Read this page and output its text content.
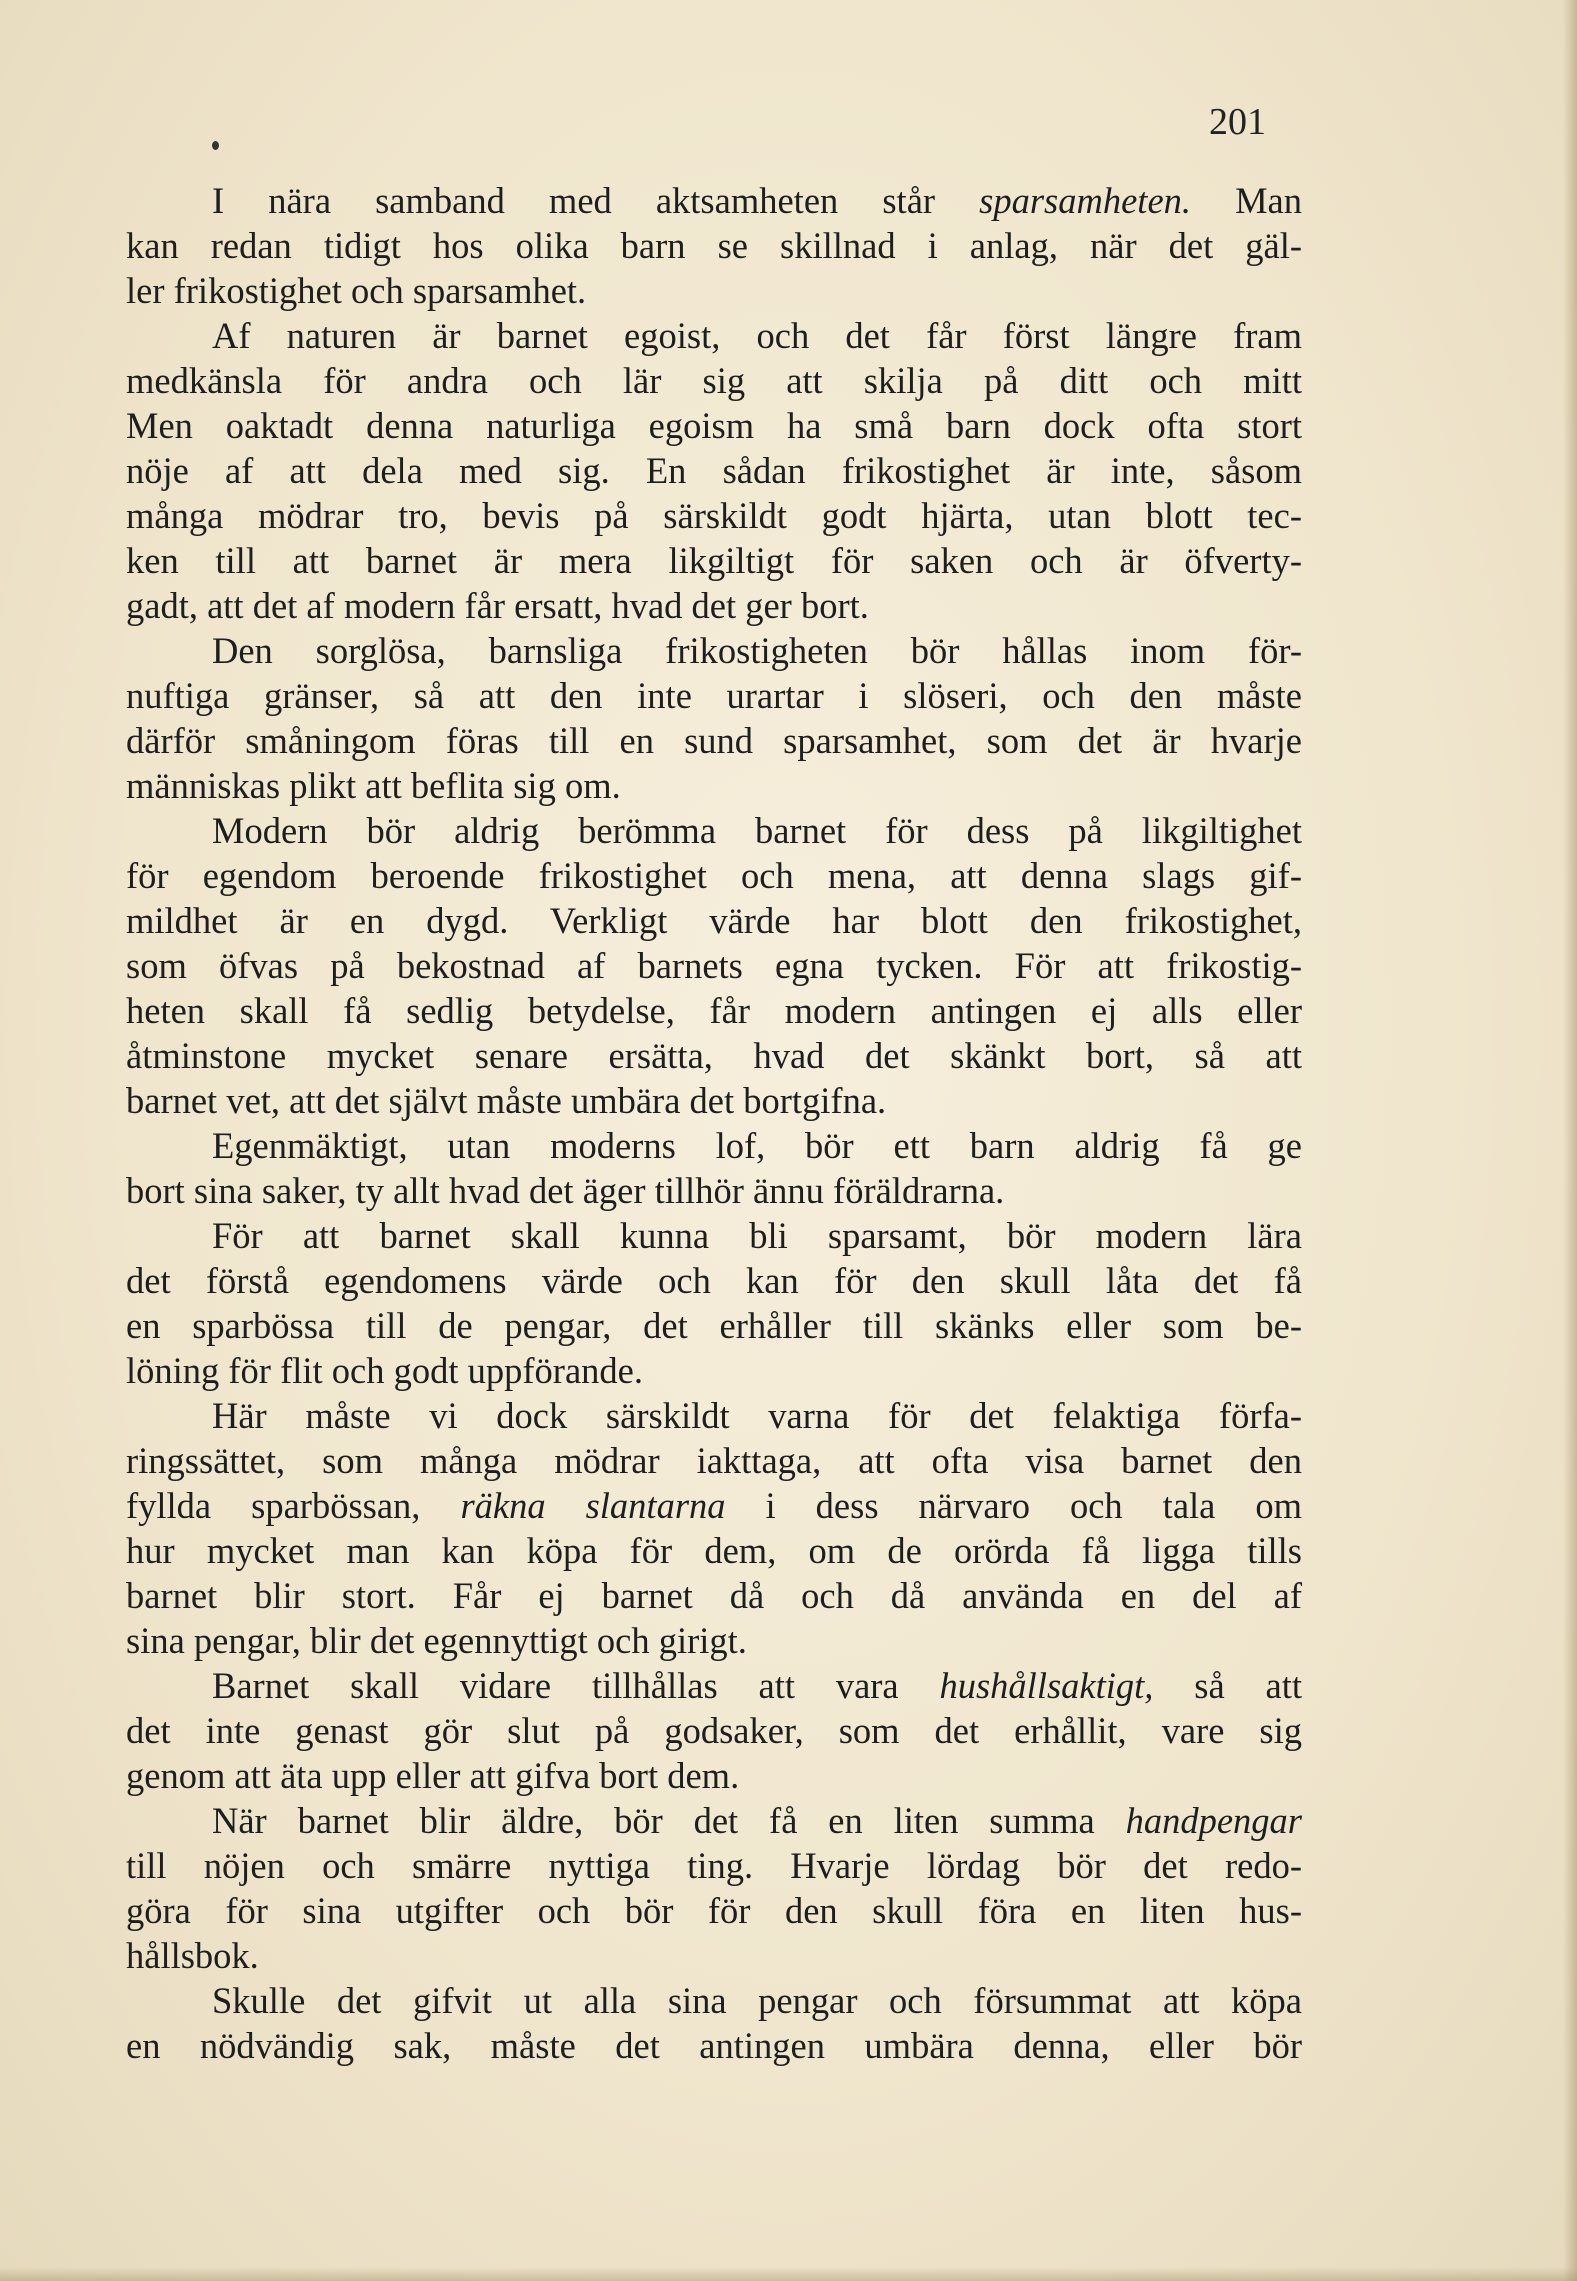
201
I nära samband med aktsamheten står sparsamheten. Man
kan redan tidigt hos olika barn se skillnad i anlag, när det gäl-
ler frikostighet och sparsamhet.
Af naturen är barnet egoist, och det får först längre fram
medkänsla för andra och lär sig att skilja på ditt och mitt
Men oaktadt denna naturliga egoism ha små barn dock ofta stort
nöje af att dela med sig. En sådan frikostighet är inte, såsom
många mödrar tro, bevis på särskildt godt hjärta, utan blott tec-
ken till att barnet är mera likgiltigt för saken och är öfverty-
gadt, att det af modern får ersatt, hvad det ger bort.
Den sorglösa, barnsliga frikostigheten bör hållas inom för-
nuftiga gränser, så att den inte urartar i slöseri, och den måste
därför småningom föras till en sund sparsamhet, som det är hvarje
människas plikt att beflita sig om.
Modern bör aldrig berömma barnet för dess på likgiltighet
för egendom beroende frikostighet och mena, att denna slags gif-
mildhet är en dygd. Verkligt värde har blott den frikostighet,
som öfvas på bekostnad af barnets egna tycken. För att frikostig-
heten skall få sedlig betydelse, får modern antingen ej alls eller
åtminstone mycket senare ersätta, hvad det skänkt bort, så att
barnet vet, att det självt måste umbära det bortgifna.
Egenmäktigt, utan moderns lof, bör ett barn aldrig få ge
bort sina saker, ty allt hvad det äger tillhör ännu föräldrarna.
För att barnet skall kunna bli sparsamt, bör modern lära
det förstå egendomens värde och kan för den skull låta det få
en sparbössa till de pengar, det erhåller till skänks eller som be-
löning för flit och godt uppförande.
Här måste vi dock särskildt varna för det felaktiga förfa-
ringssättet, som många mödrar iakttaga, att ofta visa barnet den
fyllda sparbössan, räkna slantarna i dess närvaro och tala om
hur mycket man kan köpa för dem, om de orörda få ligga tills
barnet blir stort. Får ej barnet då och då använda en del af
sina pengar, blir det egennyttigt och girigt.
Barnet skall vidare tillhållas att vara hushållsaktigt, så att
det inte genast gör slut på godsaker, som det erhållit, vare sig
genom att äta upp eller att gifva bort dem.
När barnet blir äldre, bör det få en liten summa handpengar
till nöjen och smärre nyttiga ting. Hvarje lördag bör det redo-
göra för sina utgifter och bör för den skull föra en liten hus-
hållsbok.
Skulle det gifvit ut alla sina pengar och försummat att köpa
en nödvändig sak, måste det antingen umbära denna, eller bör
